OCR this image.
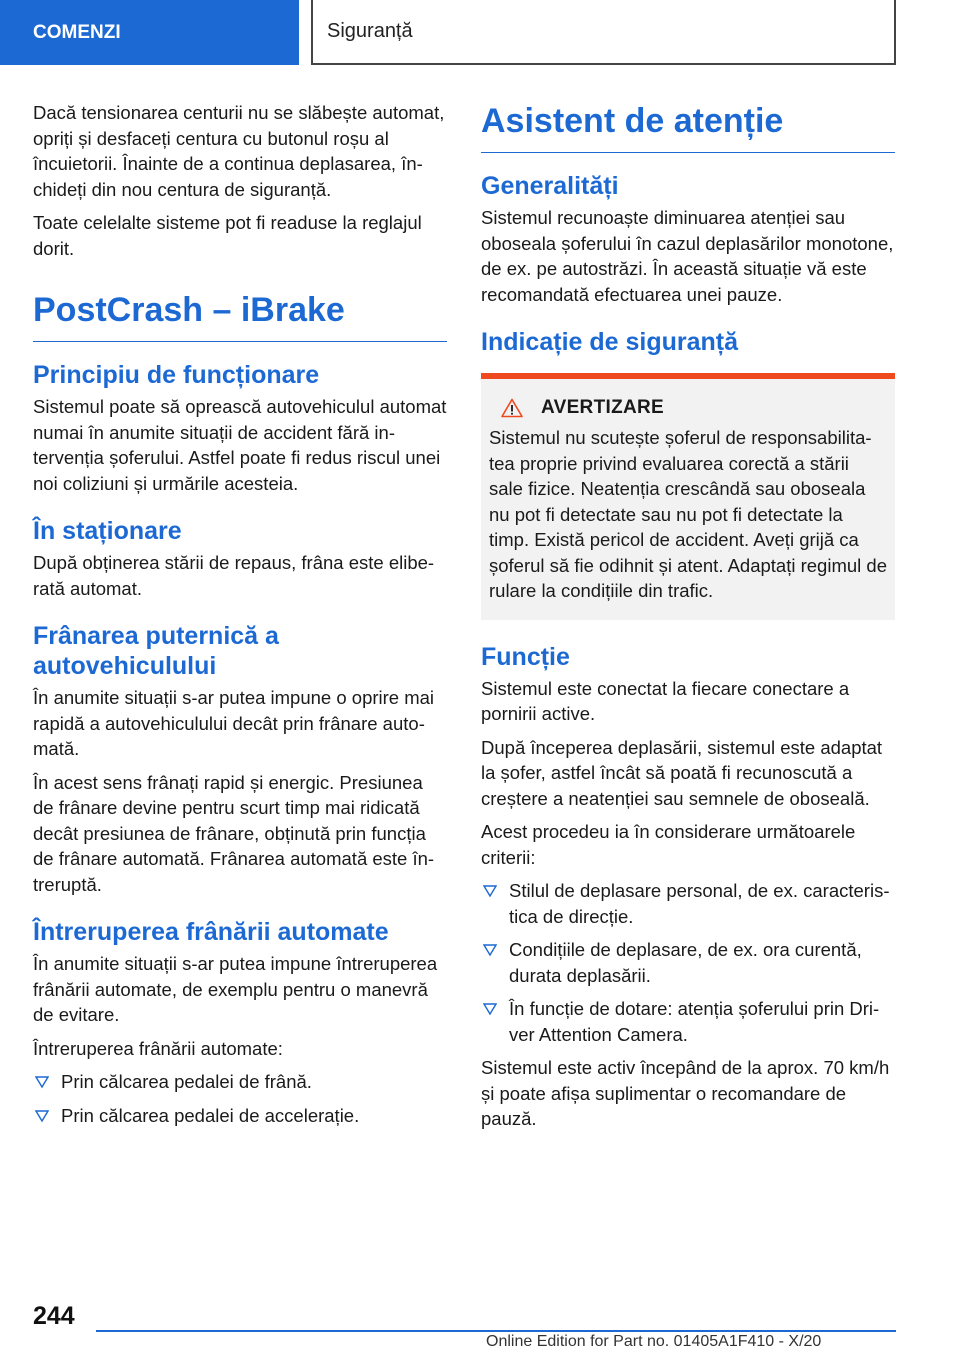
COMENZI	Siguranță

Dacă tensionarea centurii nu se slăbește automat, opriți și desfaceți centura cu butonul roșu al încuietorii. Înainte de a continua deplasarea, închideți din nou centura de siguranță.

Toate celelalte sisteme pot fi readuse la reglajul dorit.

PostCrash – iBrake
Principiu de funcționare

Sistemul poate să oprească autovehiculul automat numai în anumite situații de accident fără intervenția șoferului. Astfel poate fi redus riscul unei noi coliziuni și urmările acesteia.

În staționare

După obținerea stării de repaus, frâna este eliberată automat.

Frânarea puternică a autovehiculului

În anumite situații s-ar putea impune o oprire mai rapidă a autovehiculului decât prin frânare automată.

În acest sens frânați rapid și energic. Presiunea de frânare devine pentru scurt timp mai ridicată decât presiunea de frânare, obținută prin funcția de frânare automată. Frânarea automată este întreruptă.

Întreruperea frânării automate

În anumite situații s-ar putea impune întreruperea frânării automate, de exemplu pentru o manevră de evitare.

Întreruperea frânării automate:

Prin călcarea pedalei de frână.
Prin călcarea pedalei de accelerație.
Asistent de atenție
Generalități

Sistemul recunoaște diminuarea atenției sau oboseala șoferului în cazul deplasărilor monotone, de ex. pe autostrăzi. În această situație vă este recomandată efectuarea unei pauze.

Indicație de siguranță
AVERTIZARE

Sistemul nu scutește șoferul de responsabilitatea proprie privind evaluarea corectă a stării sale fizice. Neatenția crescândă sau oboseala nu pot fi detectate sau nu pot fi detectate la timp. Există pericol de accident. Aveți grijă ca șoferul să fie odihnit și atent. Adaptați regimul de rulare la condițiile din trafic.

Funcție

Sistemul este conectat la fiecare conectare a pornirii active.

După începerea deplasării, sistemul este adaptat la șofer, astfel încât să poată fi recunoscută a creștere a neatenției sau semnele de oboseală.

Acest procedeu ia în considerare următoarele criterii:

Stilul de deplasare personal, de ex. caracteristica de direcție.
Condițiile de deplasare, de ex. ora curentă, durata deplasării.
În funcție de dotare: atenția șoferului prin Driver Attention Camera.

Sistemul este activ începând de la aprox. 70 km/h și poate afișa suplimentar o recomandare de pauză.

244
Online Edition for Part no. 01405A1F410 - X/20
